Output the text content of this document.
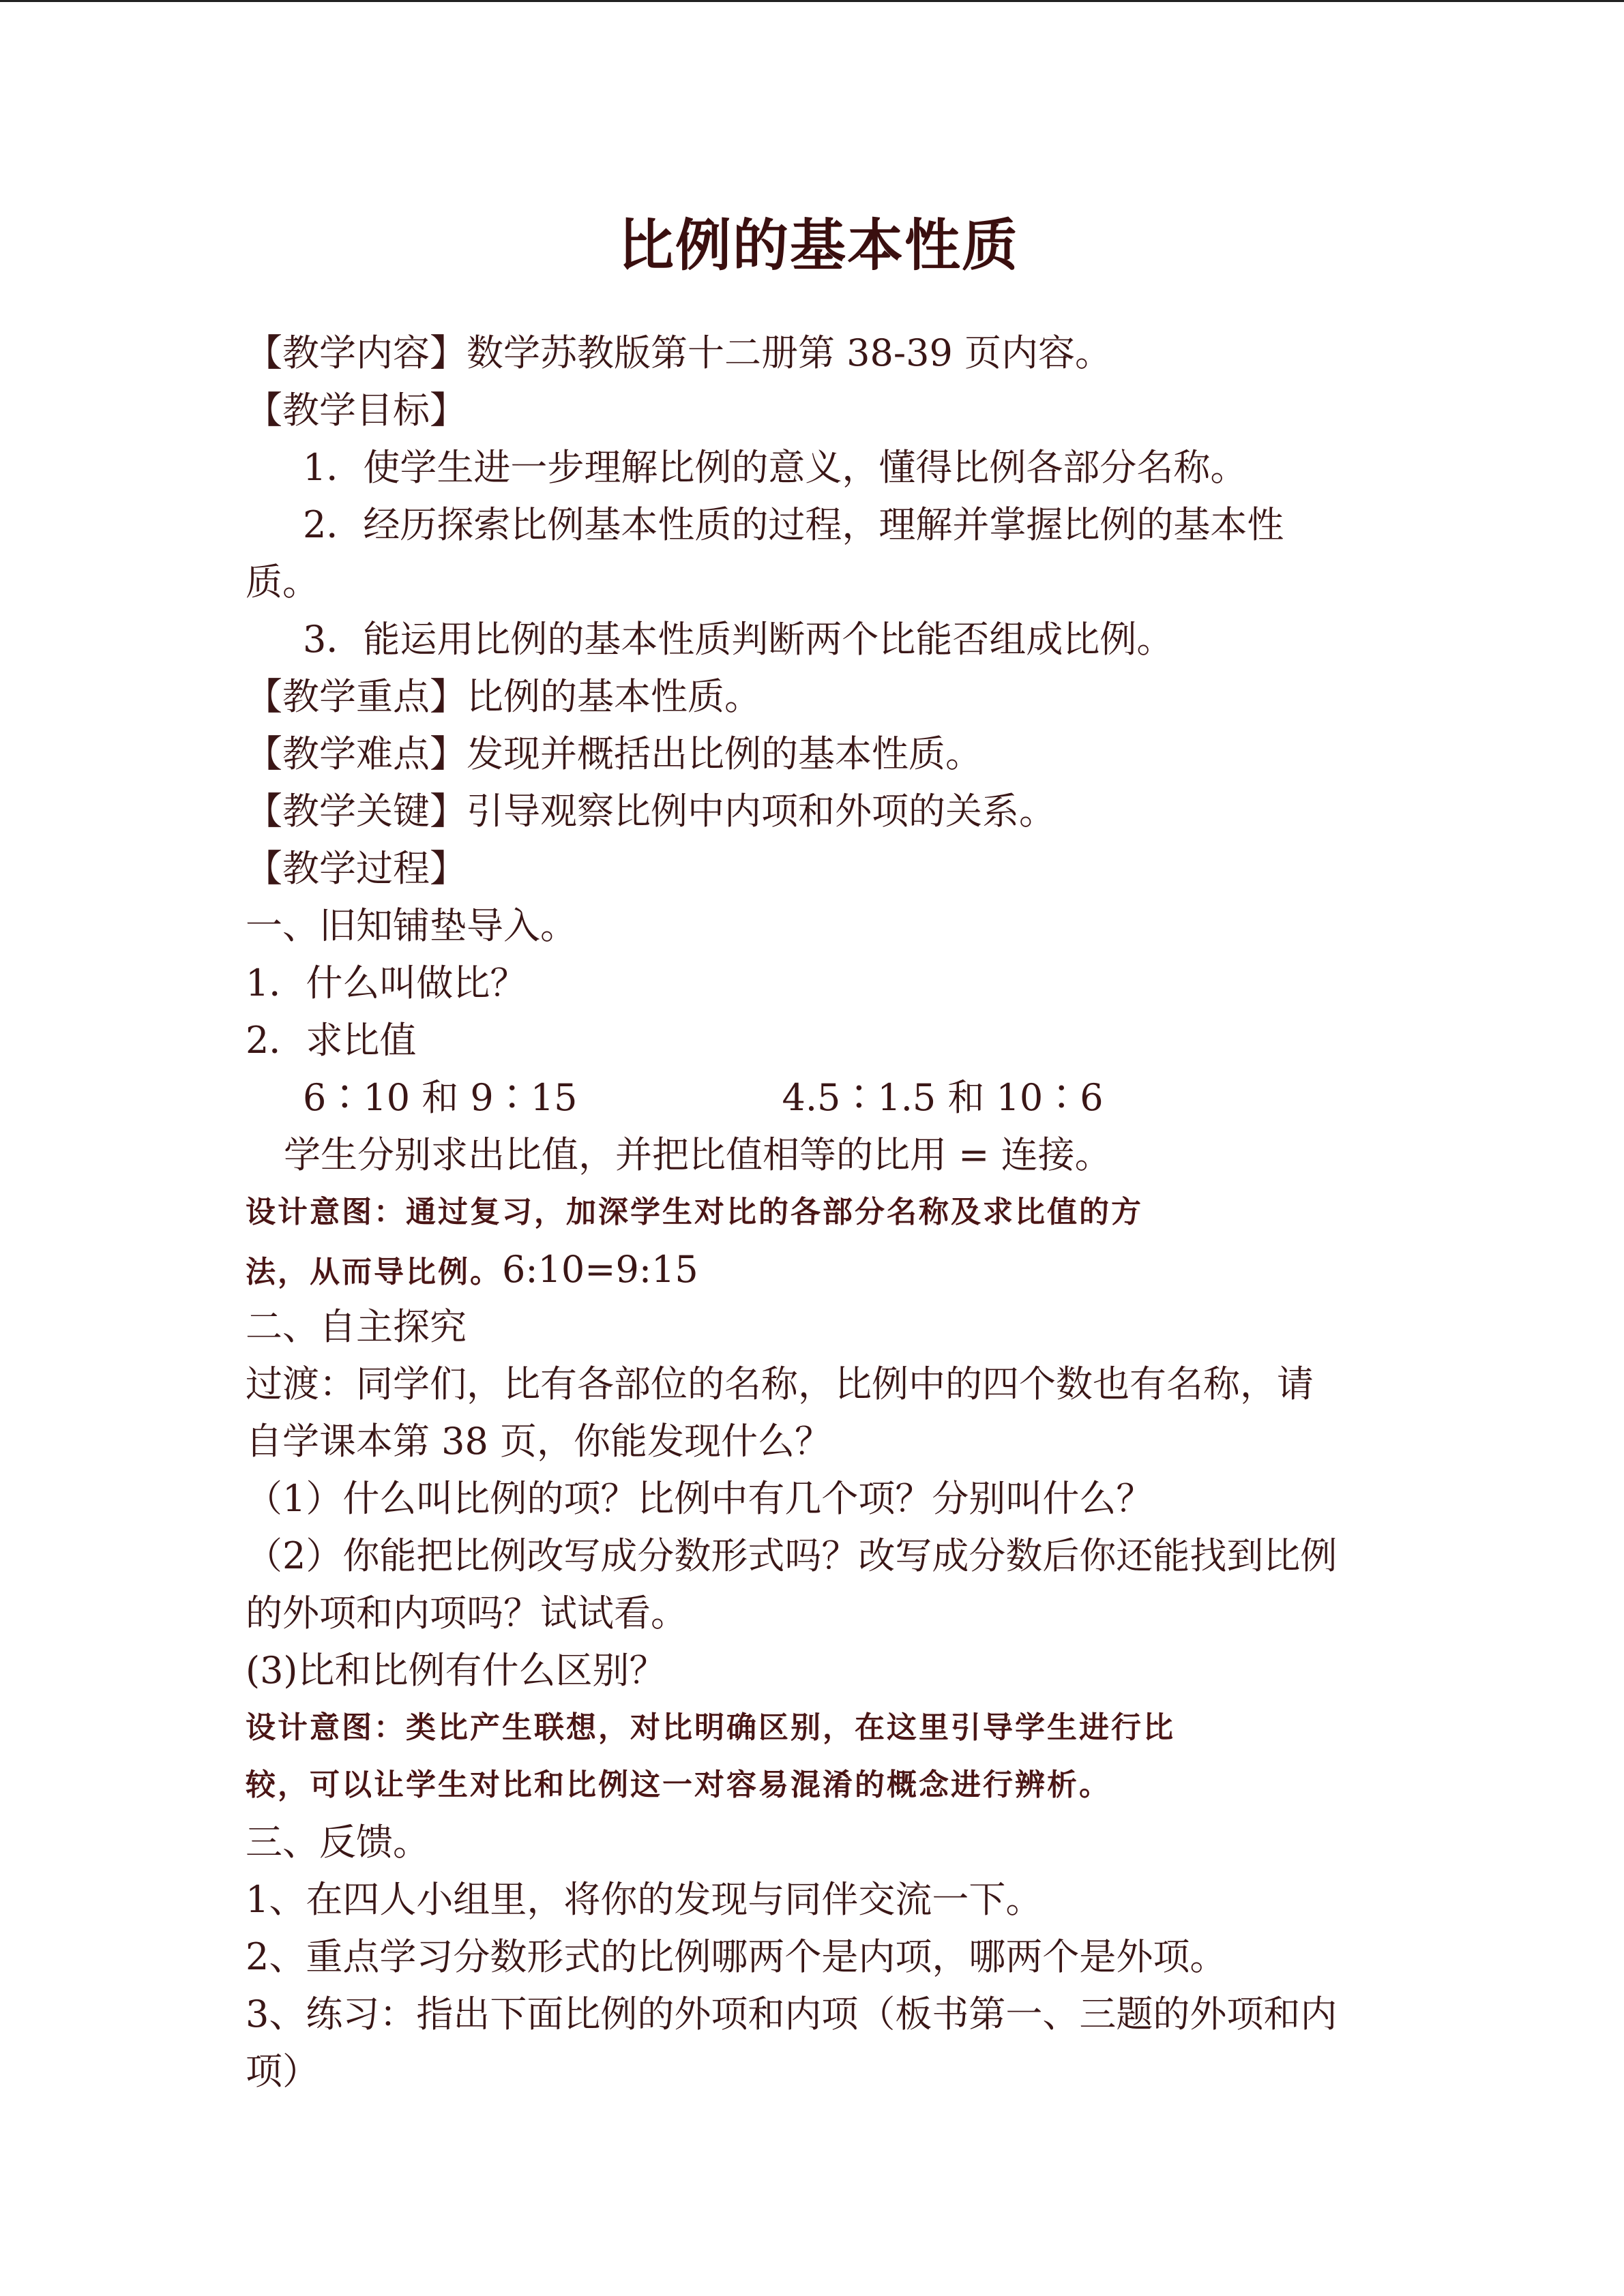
比例的基本性质
【教学内容】数学苏教版第十二册第 38-39 页内容。
【教学目标】
1．使学生进一步理解比例的意义，懂得比例各部分名称。
2．经历探索比例基本性质的过程，理解并掌握比例的基本性
质。
3．能运用比例的基本性质判断两个比能否组成比例。
【教学重点】比例的基本性质。
【教学难点】发现并概括出比例的基本性质。
【教学关键】引导观察比例中内项和外项的关系。
【教学过程】
一、旧知铺垫导入。
1．什么叫做比？
2．求比值
6∶10 和 9∶15	4.5∶1.5 和 10∶6
学生分别求出比值，并把比值相等的比用 = 连接。
设计意图：通过复习，加深学生对比的各部分名称及求比值的方
法，从而导比例。6:10=9:15
二、自主探究
过渡：同学们，比有各部位的名称，比例中的四个数也有名称，请
自学课本第 38 页，你能发现什么？
（1）什么叫比例的项？比例中有几个项？分别叫什么？
（2）你能把比例改写成分数形式吗？改写成分数后你还能找到比例
的外项和内项吗？试试看。
(3)比和比例有什么区别？
设计意图：类比产生联想，对比明确区别，在这里引导学生进行比
较，可以让学生对比和比例这一对容易混淆的概念进行辨析。
三、反馈。
1、在四人小组里，将你的发现与同伴交流一下。
2、重点学习分数形式的比例哪两个是内项，哪两个是外项。
3、练习：指出下面比例的外项和内项（板书第一、三题的外项和内
项）
